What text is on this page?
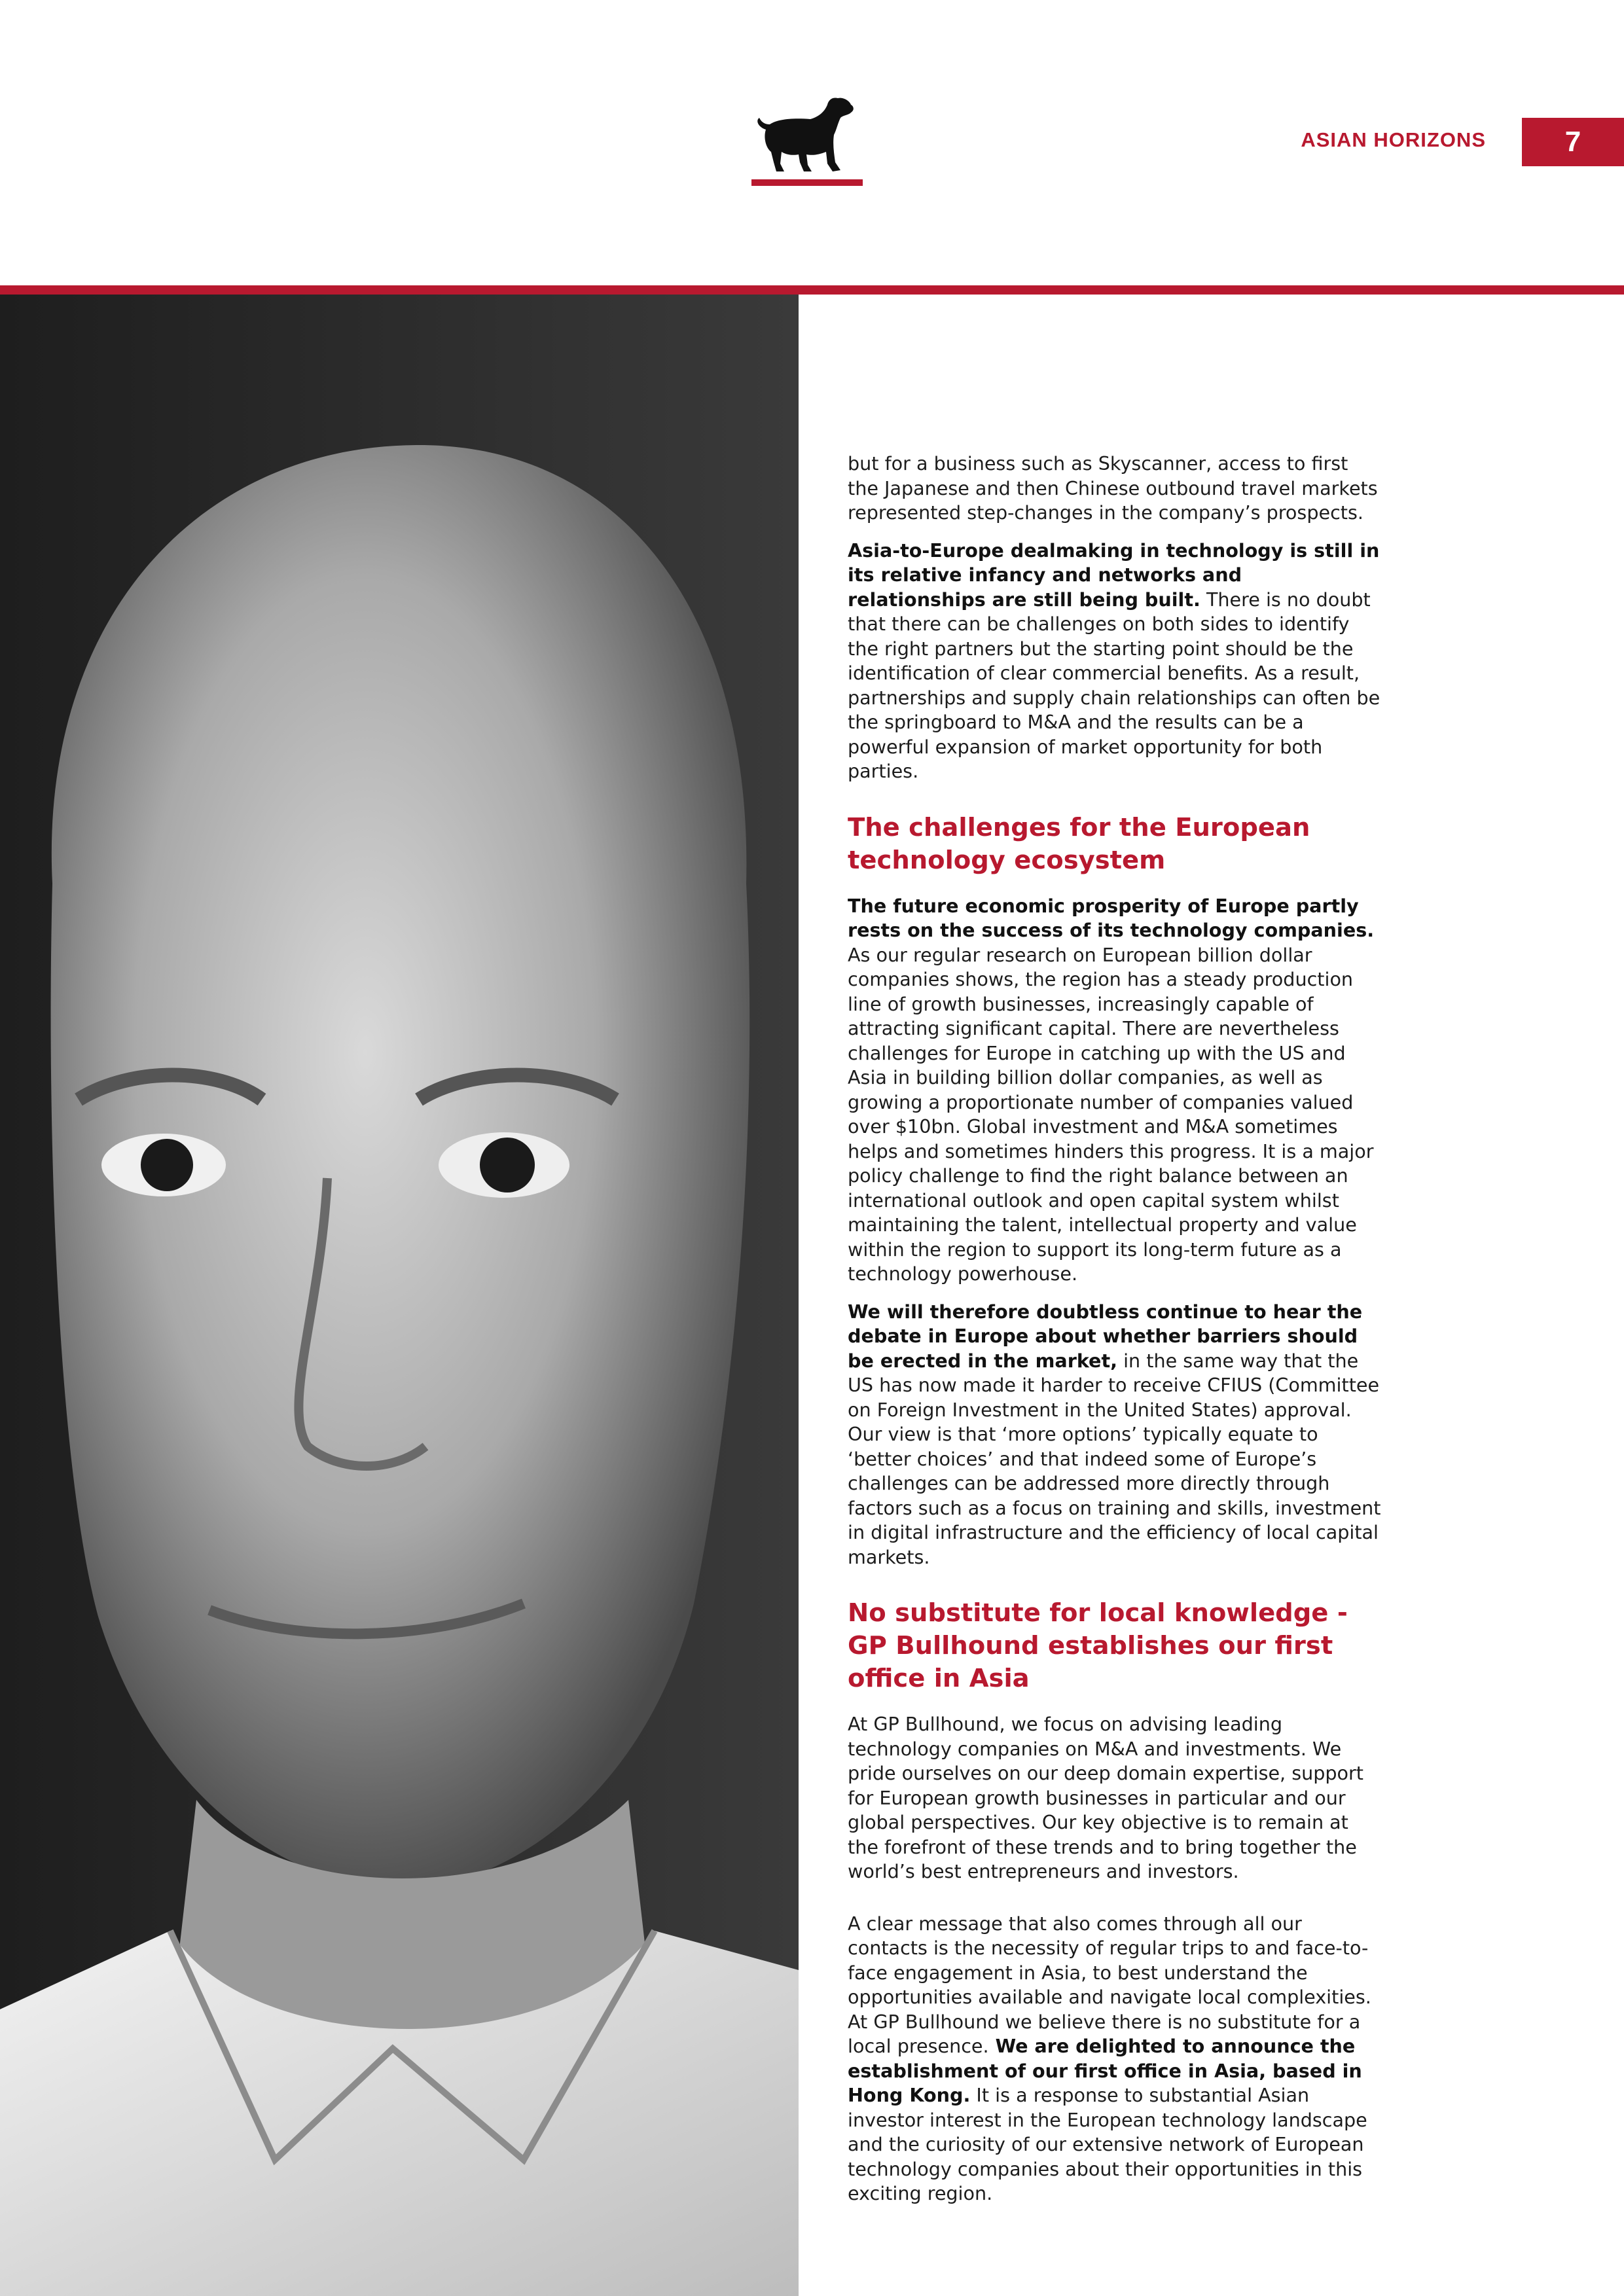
ASIAN HORIZONS	7

but for a business such as Skyscanner, access to first the Japanese and then Chinese outbound travel markets represented step-changes in the company’s prospects.

Asia-to-Europe dealmaking in technology is still in its relative infancy and networks and relationships are still being built. There is no doubt that there can be challenges on both sides to identify the right partners but the starting point should be the identification of clear commercial benefits. As a result, partnerships and supply chain relationships can often be the springboard to M&A and the results can be a powerful expansion of market opportunity for both parties.

The challenges for the European technology ecosystem

The future economic prosperity of Europe partly rests on the success of its technology companies. As our regular research on European billion dollar companies shows, the region has a steady production line of growth businesses, increasingly capable of attracting significant capital. There are nevertheless challenges for Europe in catching up with the US and Asia in building billion dollar companies, as well as growing a proportionate number of companies valued over $10bn. Global investment and M&A sometimes helps and sometimes hinders this progress. It is a major policy challenge to find the right balance between an international outlook and open capital system whilst maintaining the talent, intellectual property and value within the region to support its long-term future as a technology powerhouse.

We will therefore doubtless continue to hear the debate in Europe about whether barriers should be erected in the market, in the same way that the US has now made it harder to receive CFIUS (Committee on Foreign Investment in the United States) approval. Our view is that ‘more options’ typically equate to ‘better choices’ and that indeed some of Europe’s challenges can be addressed more directly through factors such as a focus on training and skills, investment in digital infrastructure and the efficiency of local capital markets.

No substitute for local knowledge - GP Bullhound establishes our first office in Asia

At GP Bullhound, we focus on advising leading technology companies on M&A and investments. We pride ourselves on our deep domain expertise, support for European growth businesses in particular and our global perspectives. Our key objective is to remain at the forefront of these trends and to bring together the world’s best entrepreneurs and investors.

A clear message that also comes through all our contacts is the necessity of regular trips to and face-to-face engagement in Asia, to best understand the opportunities available and navigate local complexities. At GP Bullhound we believe there is no substitute for a local presence. We are delighted to announce the establishment of our first office in Asia, based in Hong Kong. It is a response to substantial Asian investor interest in the European technology landscape and the curiosity of our extensive network of European technology companies about their opportunities in this exciting region.
